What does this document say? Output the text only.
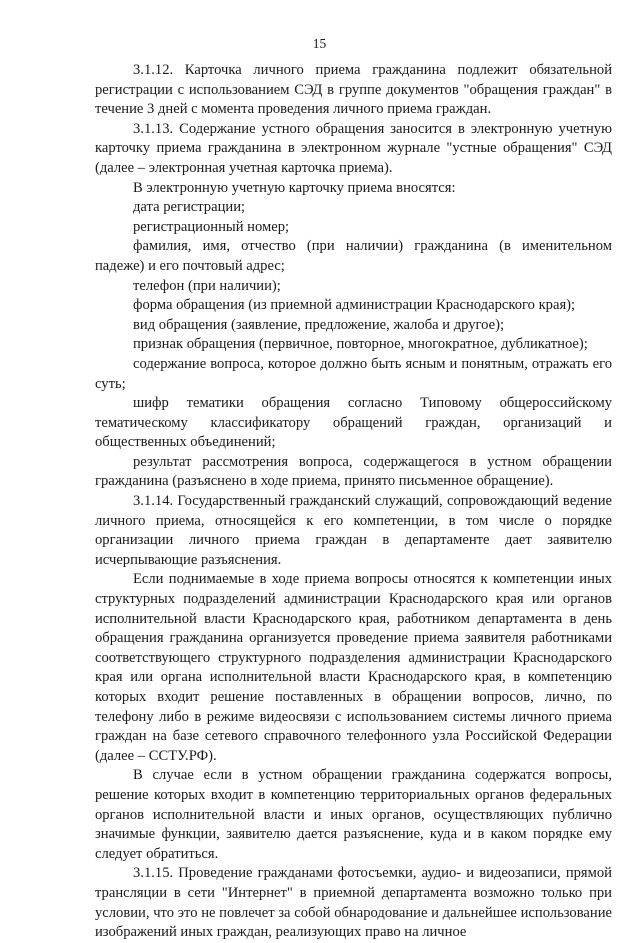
15

3.1.12. Карточка личного приема гражданина подлежит обязательной регистрации с использованием СЭД в группе документов "обращения граждан" в течение 3 дней с момента проведения личного приема граждан.

3.1.13. Содержание устного обращения заносится в электронную учетную карточку приема гражданина в электронном журнале "устные обращения" СЭД (далее – электронная учетная карточка приема).

В электронную учетную карточку приема вносятся:

дата регистрации;

регистрационный номер;

фамилия, имя, отчество (при наличии) гражданина (в именительном падеже) и его почтовый адрес;

телефон (при наличии);

форма обращения (из приемной администрации Краснодарского края);

вид обращения (заявление, предложение, жалоба и другое);

признак обращения (первичное, повторное, многократное, дубликатное);

содержание вопроса, которое должно быть ясным и понятным, отражать его суть;

шифр тематики обращения согласно Типовому общероссийскому тематическому классификатору обращений граждан, организаций и общественных объединений;

результат рассмотрения вопроса, содержащегося в устном обращении гражданина (разъяснено в ходе приема, принято письменное обращение).

3.1.14. Государственный гражданский служащий, сопровождающий ведение личного приема, относящейся к его компетенции, в том числе о порядке организации личного приема граждан в департаменте дает заявителю исчерпывающие разъяснения.

Если поднимаемые в ходе приема вопросы относятся к компетенции иных структурных подразделений администрации Краснодарского края или органов исполнительной власти Краснодарского края, работником департамента в день обращения гражданина организуется проведение приема заявителя работниками соответствующего структурного подразделения администрации Краснодарского края или органа исполнительной власти Краснодарского края, в компетенцию которых входит решение поставленных в обращении вопросов, лично, по телефону либо в режиме видеосвязи с использованием системы личного приема граждан на базе сетевого справочного телефонного узла Российской Федерации (далее – ССТУ.РФ).

В случае если в устном обращении гражданина содержатся вопросы, решение которых входит в компетенцию территориальных органов федеральных органов исполнительной власти и иных органов, осуществляющих публично значимые функции, заявителю дается разъяснение, куда и в каком порядке ему следует обратиться.

3.1.15. Проведение гражданами фотосъемки, аудио- и видеозаписи, прямой трансляции в сети "Интернет" в приемной департамента возможно только при условии, что это не повлечет за собой обнародование и дальнейшее использование изображений иных граждан, реализующих право на личное
